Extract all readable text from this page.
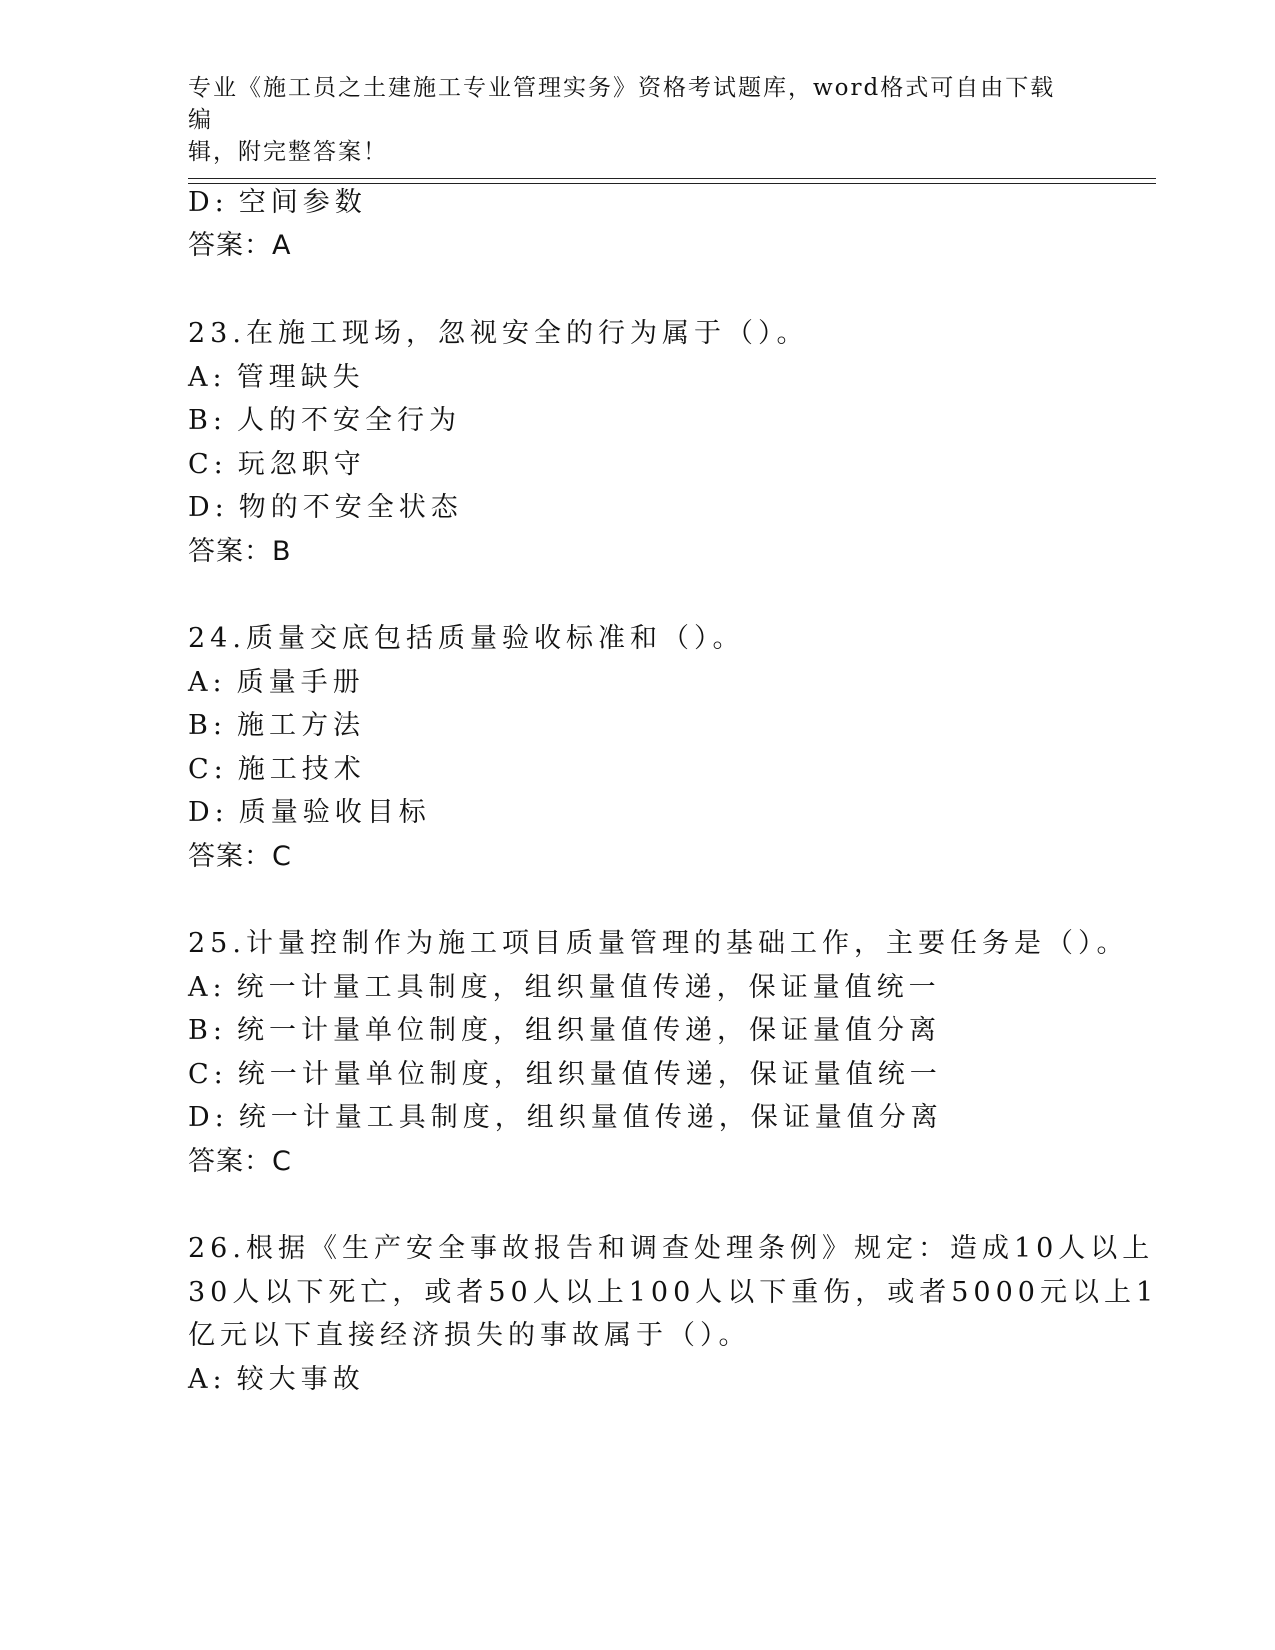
专业《施工员之土建施工专业管理实务》资格考试题库，word格式可自由下载编
辑，附完整答案！
D: 空间参数
答案：A
23.在施工现场，忽视安全的行为属于（）。
A: 管理缺失
B: 人的不安全行为
C: 玩忽职守
D: 物的不安全状态
答案：B
24.质量交底包括质量验收标准和（）。
A: 质量手册
B: 施工方法
C: 施工技术
D: 质量验收目标
答案：C
25.计量控制作为施工项目质量管理的基础工作，主要任务是（）。
A: 统一计量工具制度，组织量值传递，保证量值统一
B: 统一计量单位制度，组织量值传递，保证量值分离
C: 统一计量单位制度，组织量值传递，保证量值统一
D: 统一计量工具制度，组织量值传递，保证量值分离
答案：C
26.根据《生产安全事故报告和调查处理条例》规定：造成10人以上
30人以下死亡，或者50人以上100人以下重伤，或者5000元以上1
亿元以下直接经济损失的事故属于（）。
A: 较大事故
